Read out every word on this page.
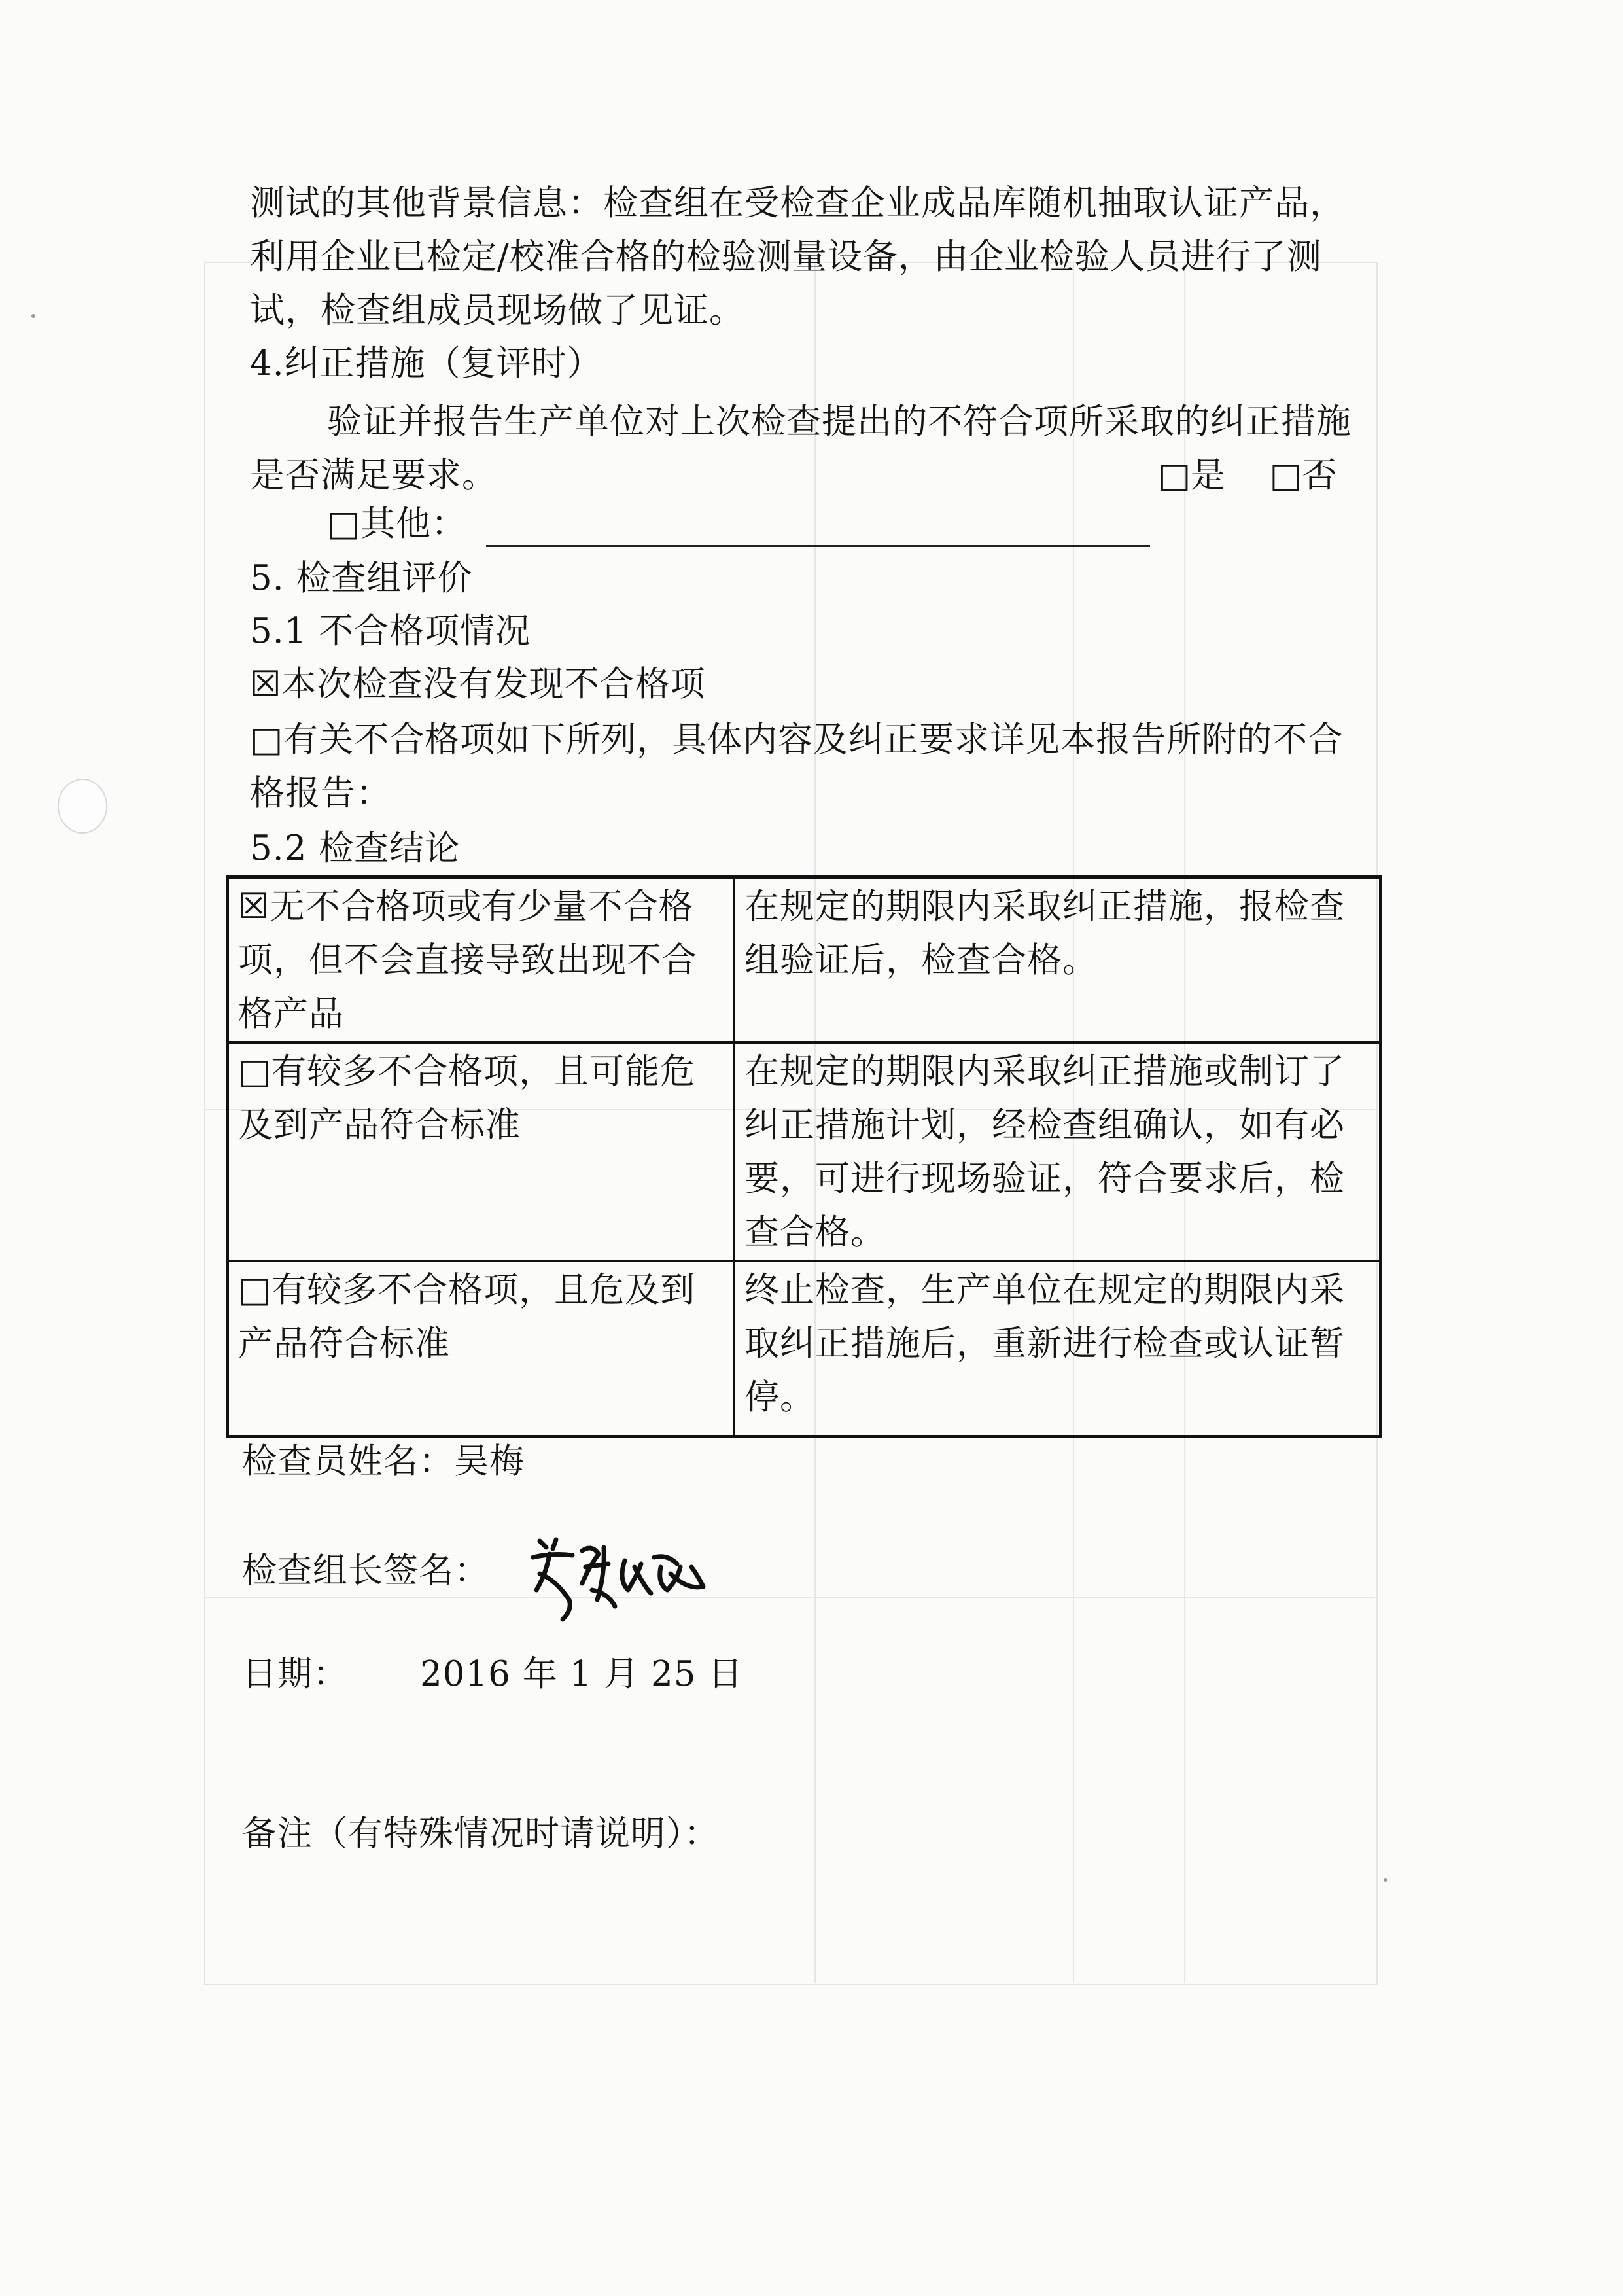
测试的其他背景信息：检查组在受检查企业成品库随机抽取认证产品，利用企业已检定/校准合格的检验测量设备，由企业检验人员进行了测试，检查组成员现场做了见证。
4.纠正措施（复评时）
验证并报告生产单位对上次检查提出的不符合项所采取的纠正措施是否满足要求。	□是 □否
□其他：
5. 检查组评价
5.1 不合格项情况
☒本次检查没有发现不合格项
□有关不合格项如下所列，具体内容及纠正要求详见本报告所附的不合格报告：
5.2 检查结论
☒无不合格项或有少量不合格项，但不会直接导致出现不合格产品	在规定的期限内采取纠正措施，报检查组验证后，检查合格。
□有较多不合格项，且可能危及到产品符合标准	在规定的期限内采取纠正措施或制订了纠正措施计划，经检查组确认，如有必要，可进行现场验证，符合要求后，检查合格。
□有较多不合格项，且危及到产品符合标准	终止检查，生产单位在规定的期限内采取纠正措施后，重新进行检查或认证暂停。
检查员姓名：吴梅
检查组长签名：
日期： 2016 年 1 月 25 日
备注（有特殊情况时请说明）：
